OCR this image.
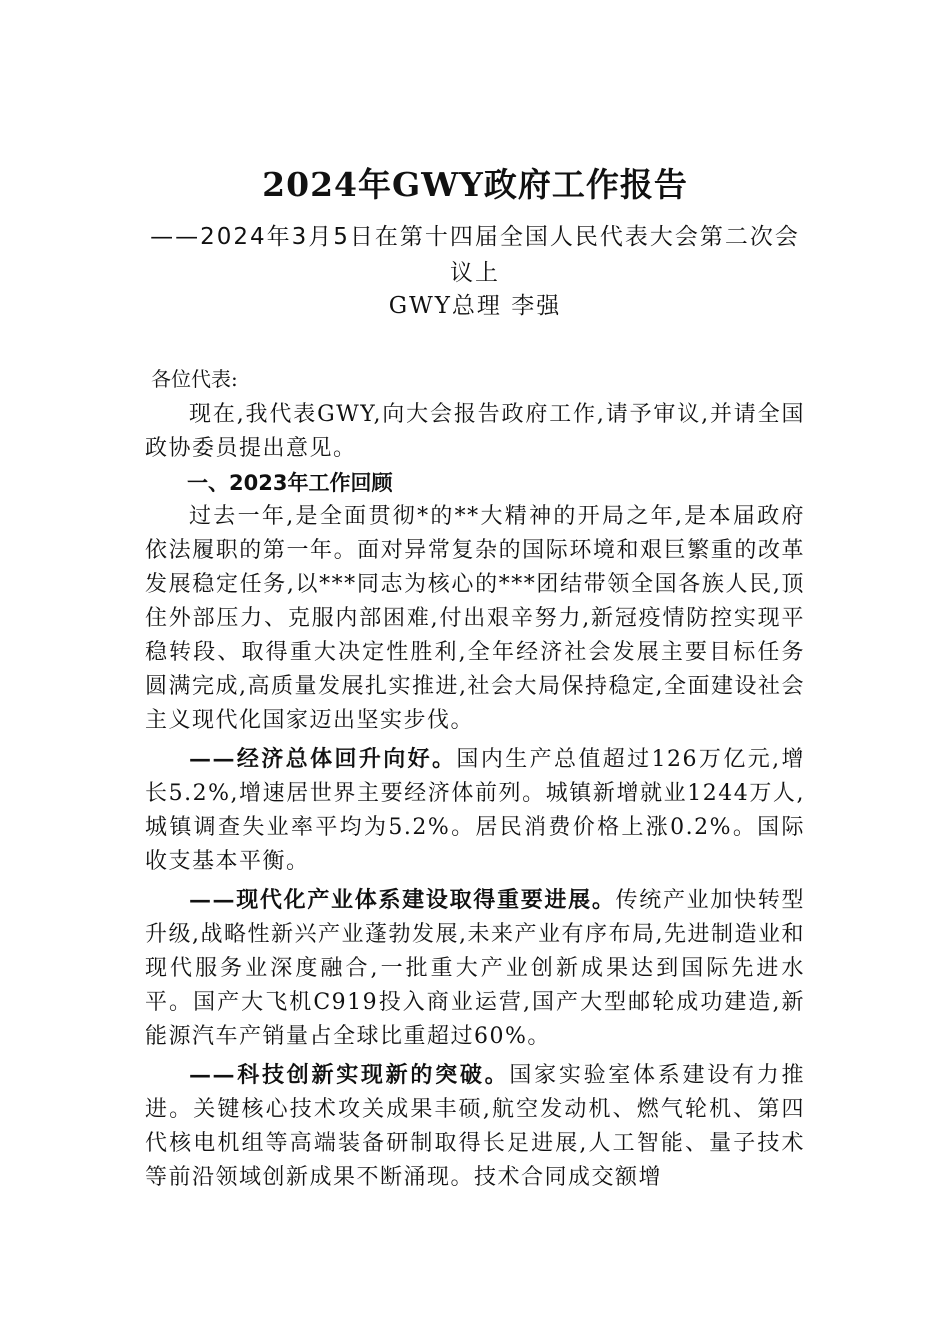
2024年GWY政府工作报告
——2024年3月5日在第十四届全国人民代表大会第二次会议上
GWY总理 李强

各位代表:

现在,我代表GWY,向大会报告政府工作,请予审议,并请全国政协委员提出意见。

一、2023年工作回顾

过去一年,是全面贯彻*的**大精神的开局之年,是本届政府依法履职的第一年。面对异常复杂的国际环境和艰巨繁重的改革发展稳定任务,以***同志为核心的***团结带领全国各族人民,顶住外部压力、克服内部困难,付出艰辛努力,新冠疫情防控实现平稳转段、取得重大决定性胜利,全年经济社会发展主要目标任务圆满完成,高质量发展扎实推进,社会大局保持稳定,全面建设社会主义现代化国家迈出坚实步伐。

——经济总体回升向好。国内生产总值超过126万亿元,增长5.2%,增速居世界主要经济体前列。城镇新增就业1244万人,城镇调查失业率平均为5.2%。居民消费价格上涨0.2%。国际收支基本平衡。

——现代化产业体系建设取得重要进展。传统产业加快转型升级,战略性新兴产业蓬勃发展,未来产业有序布局,先进制造业和现代服务业深度融合,一批重大产业创新成果达到国际先进水平。国产大飞机C919投入商业运营,国产大型邮轮成功建造,新能源汽车产销量占全球比重超过60%。

——科技创新实现新的突破。国家实验室体系建设有力推进。关键核心技术攻关成果丰硕,航空发动机、燃气轮机、第四代核电机组等高端装备研制取得长足进展,人工智能、量子技术等前沿领域创新成果不断涌现。技术合同成交额增
